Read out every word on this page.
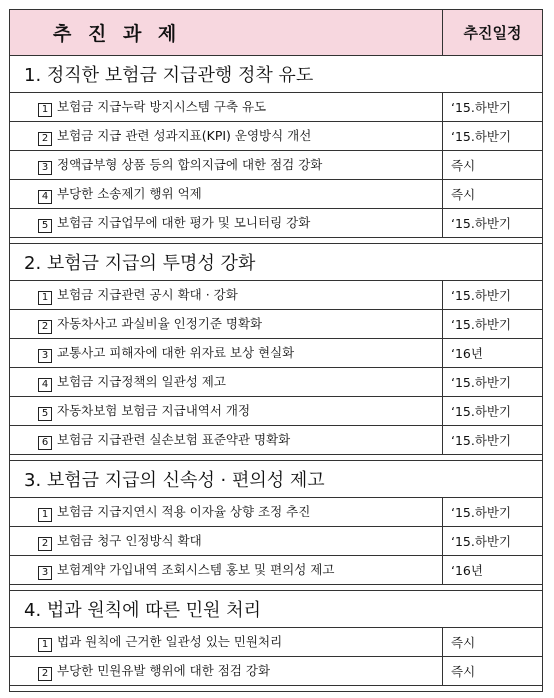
추 진 과 제	추진일정
1. 정직한 보험금 지급관행 정착 유도	
1 보험금 지급누락 방지시스템 구축 유도	‘15.하반기
2 보험금 지급 관련 성과지표(KPI) 운영방식 개선	‘15.하반기
3 정액급부형 상품 등의 합의지급에 대한 점검 강화	즉시
4 부당한 소송제기 행위 억제	즉시
5 보험금 지급업무에 대한 평가 및 모니터링 강화	‘15.하반기

2. 보험금 지급의 투명성 강화	
1 보험금 지급관련 공시 확대 · 강화	‘15.하반기
2 자동차사고 과실비율 인정기준 명확화	‘15.하반기
3 교통사고 피해자에 대한 위자료 보상 현실화	‘16년
4 보험금 지급정책의 일관성 제고	‘15.하반기
5 자동차보험 보험금 지급내역서 개정	‘15.하반기
6 보험금 지급관련 실손보험 표준약관 명확화	‘15.하반기

3. 보험금 지급의 신속성 · 편의성 제고	
1 보험금 지급지연시 적용 이자율 상향 조정 추진	‘15.하반기
2 보험금 청구 인정방식 확대	‘15.하반기
3 보험계약 가입내역 조회시스템 홍보 및 편의성 제고	‘16년

4. 법과 원칙에 따른 민원 처리	
1 법과 원칙에 근거한 일관성 있는 민원처리	즉시
2 부당한 민원유발 행위에 대한 점검 강화	즉시
